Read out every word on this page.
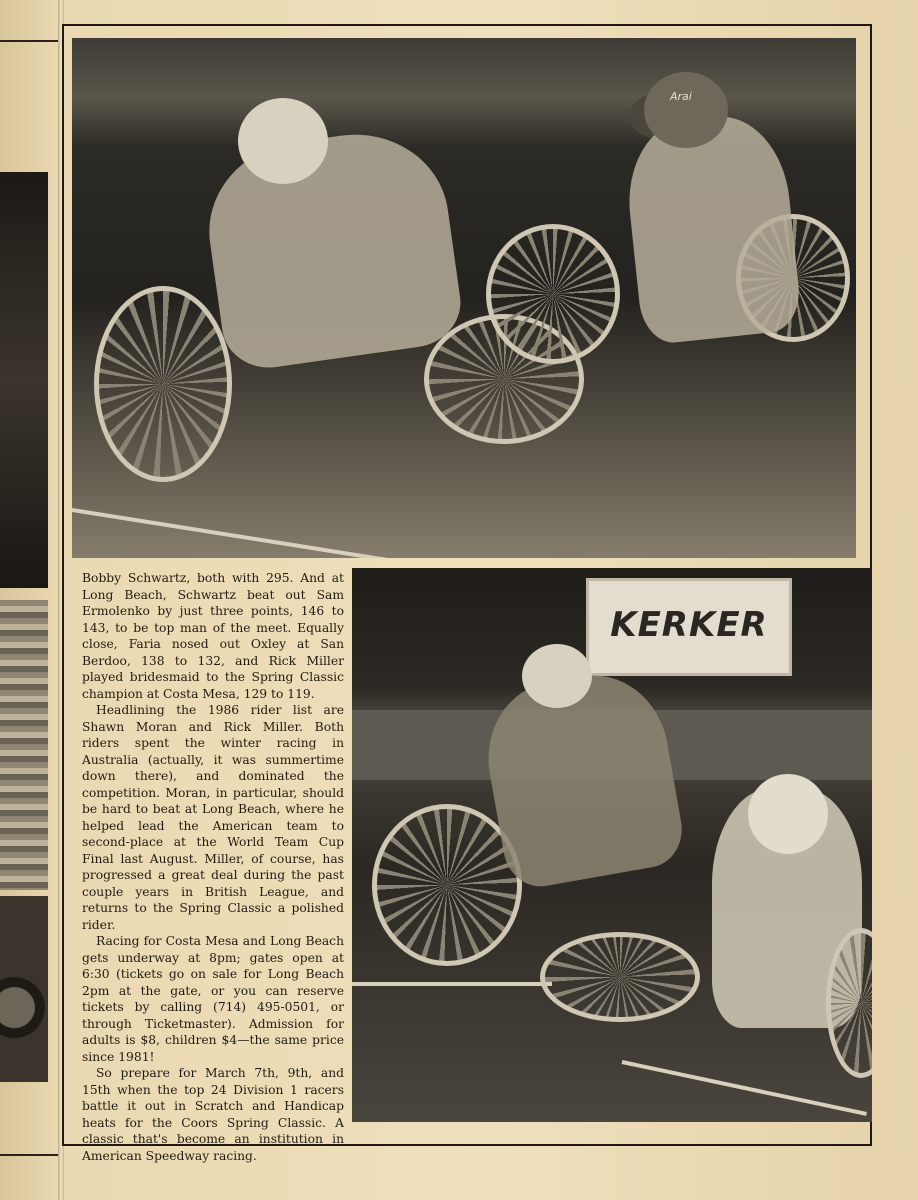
Arai
KERKER

Bobby Schwartz, both with 295. And at Long Beach, Schwartz beat out Sam Ermolenko by just three points, 146 to 143, to be top man of the meet. Equally close, Faria nosed out Oxley at San Berdoo, 138 to 132, and Rick Miller played bridesmaid to the Spring Classic champion at Costa Mesa, 129 to 119.

Headlining the 1986 rider list are Shawn Moran and Rick Miller. Both riders spent the winter racing in Australia (actually, it was summertime down there), and dominated the competition. Moran, in particular, should be hard to beat at Long Beach, where he helped lead the American team to second-place at the World Team Cup Final last August. Miller, of course, has progressed a great deal during the past couple years in British League, and returns to the Spring Classic a polished rider.

Racing for Costa Mesa and Long Beach gets underway at 8pm; gates open at 6:30 (tickets go on sale for Long Beach 2pm at the gate, or you can reserve tickets by calling (714) 495-0501, or through Ticketmaster). Admission for adults is $8, children $4—the same price since 1981!

So prepare for March 7th, 9th, and 15th when the top 24 Division 1 racers battle it out in Scratch and Handicap heats for the Coors Spring Classic. A classic that's become an institution in American Speedway racing.
